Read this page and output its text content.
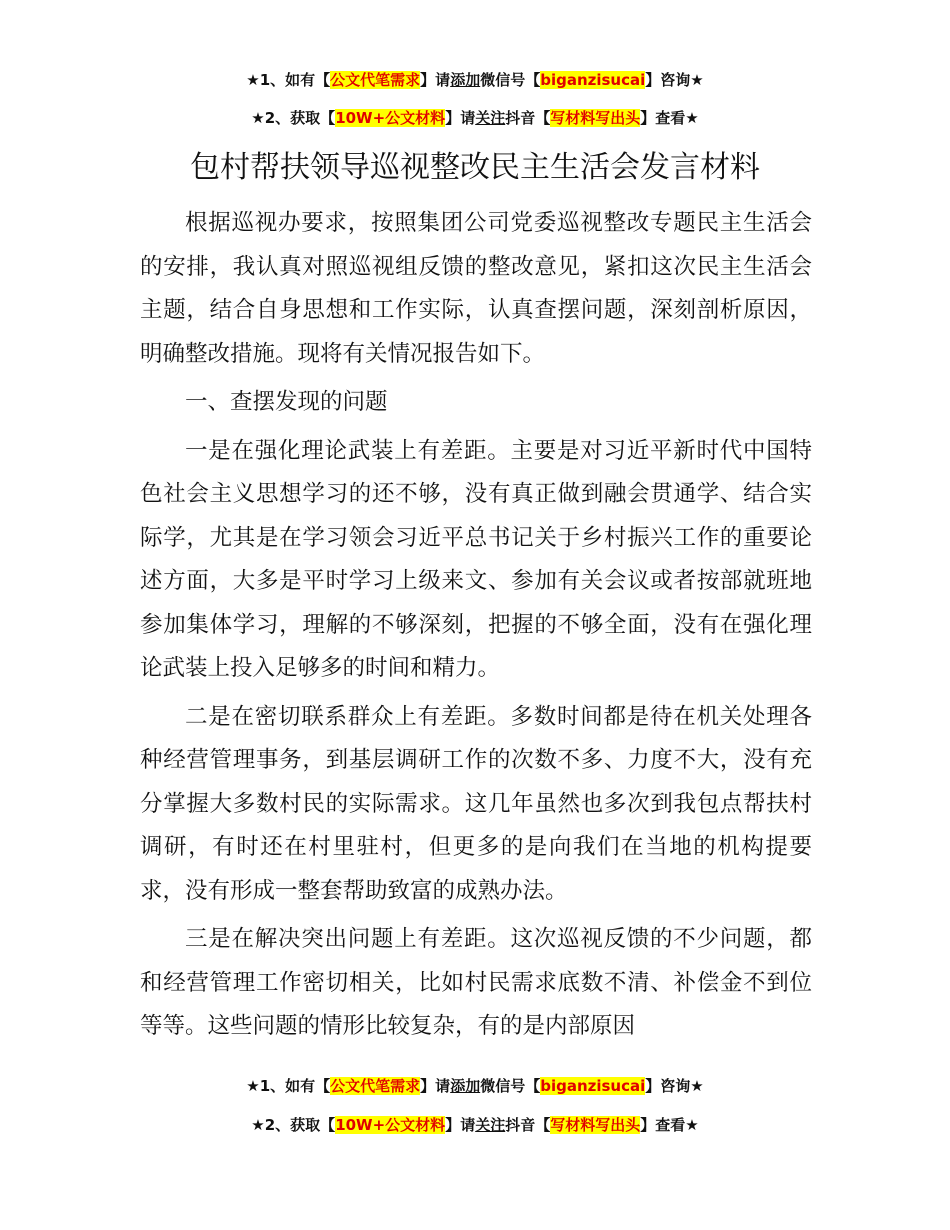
★1、如有【公文代笔需求】请添加微信号【biganzisucai】咨询★
★2、获取【10W+公文材料】请关注抖音【写材料写出头】查看★
包村帮扶领导巡视整改民主生活会发言材料

根据巡视办要求，按照集团公司党委巡视整改专题民主生活会的安排，我认真对照巡视组反馈的整改意见，紧扣这次民主生活会主题，结合自身思想和工作实际，认真查摆问题，深刻剖析原因，明确整改措施。现将有关情况报告如下。

一、查摆发现的问题

一是在强化理论武装上有差距。主要是对习近平新时代中国特色社会主义思想学习的还不够，没有真正做到融会贯通学、结合实际学，尤其是在学习领会习近平总书记关于乡村振兴工作的重要论述方面，大多是平时学习上级来文、参加有关会议或者按部就班地参加集体学习，理解的不够深刻，把握的不够全面，没有在强化理论武装上投入足够多的时间和精力。

二是在密切联系群众上有差距。多数时间都是待在机关处理各种经营管理事务，到基层调研工作的次数不多、力度不大，没有充分掌握大多数村民的实际需求。这几年虽然也多次到我包点帮扶村调研，有时还在村里驻村，但更多的是向我们在当地的机构提要求，没有形成一整套帮助致富的成熟办法。

三是在解决突出问题上有差距。这次巡视反馈的不少问题，都和经营管理工作密切相关，比如村民需求底数不清、补偿金不到位等等。这些问题的情形比较复杂，有的是内部原因

★1、如有【公文代笔需求】请添加微信号【biganzisucai】咨询★
★2、获取【10W+公文材料】请关注抖音【写材料写出头】查看★
